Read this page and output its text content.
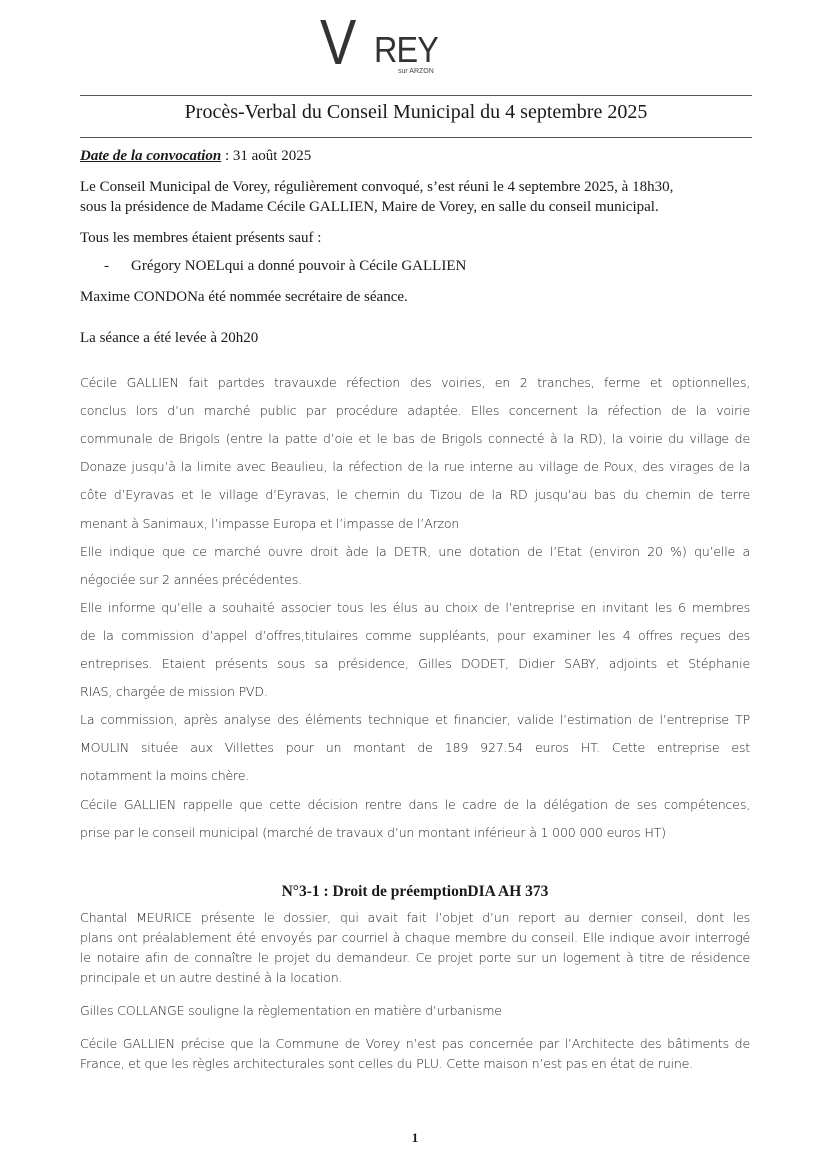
V REY
sur ARZON
Procès-Verbal du Conseil Municipal du 4 septembre 2025
Date de la convocation : 31 août 2025
Le Conseil Municipal de Vorey, régulièrement convoqué, s’est réuni le 4 septembre 2025, à 18h30,
sous la présidence de Madame Cécile GALLIEN, Maire de Vorey, en salle du conseil municipal.
Tous les membres étaient présents sauf :
- Grégory NOELqui a donné pouvoir à Cécile GALLIEN
Maxime CONDONa été nommée secrétaire de séance.
La séance a été levée à 20h20
Cécile GALLIEN fait partdes travauxde réfection des voiries, en 2 tranches, ferme et optionnelles,
conclus lors d’un marché public par procédure adaptée. Elles concernent la réfection de la voirie
communale de Brigols (entre la patte d’oie et le bas de Brigols connecté à la RD), la voirie du village de
Donaze jusqu’à la limite avec Beaulieu, la réfection de la rue interne au village de Poux, des virages de la
côte d’Eyravas et le village d’Eyravas, le chemin du Tizou de la RD jusqu’au bas du chemin de terre
menant à Sanimaux, l’impasse Europa et l’impasse de l’Arzon
Elle indique que ce marché ouvre droit àde la DETR, une dotation de l’Etat (environ 20 %) qu’elle a
négociée sur 2 années précédentes.
Elle informe qu’elle a souhaité associer tous les élus au choix de l’entreprise en invitant les 6 membres
de la commission d’appel d’offres,titulaires comme suppléants, pour examiner les 4 offres reçues des
entreprises. Etaient présents sous sa présidence, Gilles DODET, Didier SABY, adjoints et Stéphanie
RIAS, chargée de mission PVD.
La commission, après analyse des éléments technique et financier, valide l’estimation de l’entreprise TP
MOULIN située aux Villettes pour un montant de 189 927.54 euros HT. Cette entreprise est
notamment la moins chère.
Cécile GALLIEN rappelle que cette décision rentre dans le cadre de la délégation de ses compétences,
prise par le conseil municipal (marché de travaux d’un montant inférieur à 1 000 000 euros HT)
N°3-1 : Droit de préemptionDIA AH 373
Chantal MEURICE présente le dossier, qui avait fait l’objet d’un report au dernier conseil, dont les
plans ont préalablement été envoyés par courriel à chaque membre du conseil. Elle indique avoir interrogé
le notaire afin de connaître le projet du demandeur. Ce projet porte sur un logement à titre de résidence
principale et un autre destiné à la location.
Gilles COLLANGE souligne la règlementation en matière d’urbanisme
Cécile GALLIEN précise que la Commune de Vorey n’est pas concernée par l’Architecte des bâtiments de
France, et que les règles architecturales sont celles du PLU. Cette maison n’est pas en état de ruine.
1
